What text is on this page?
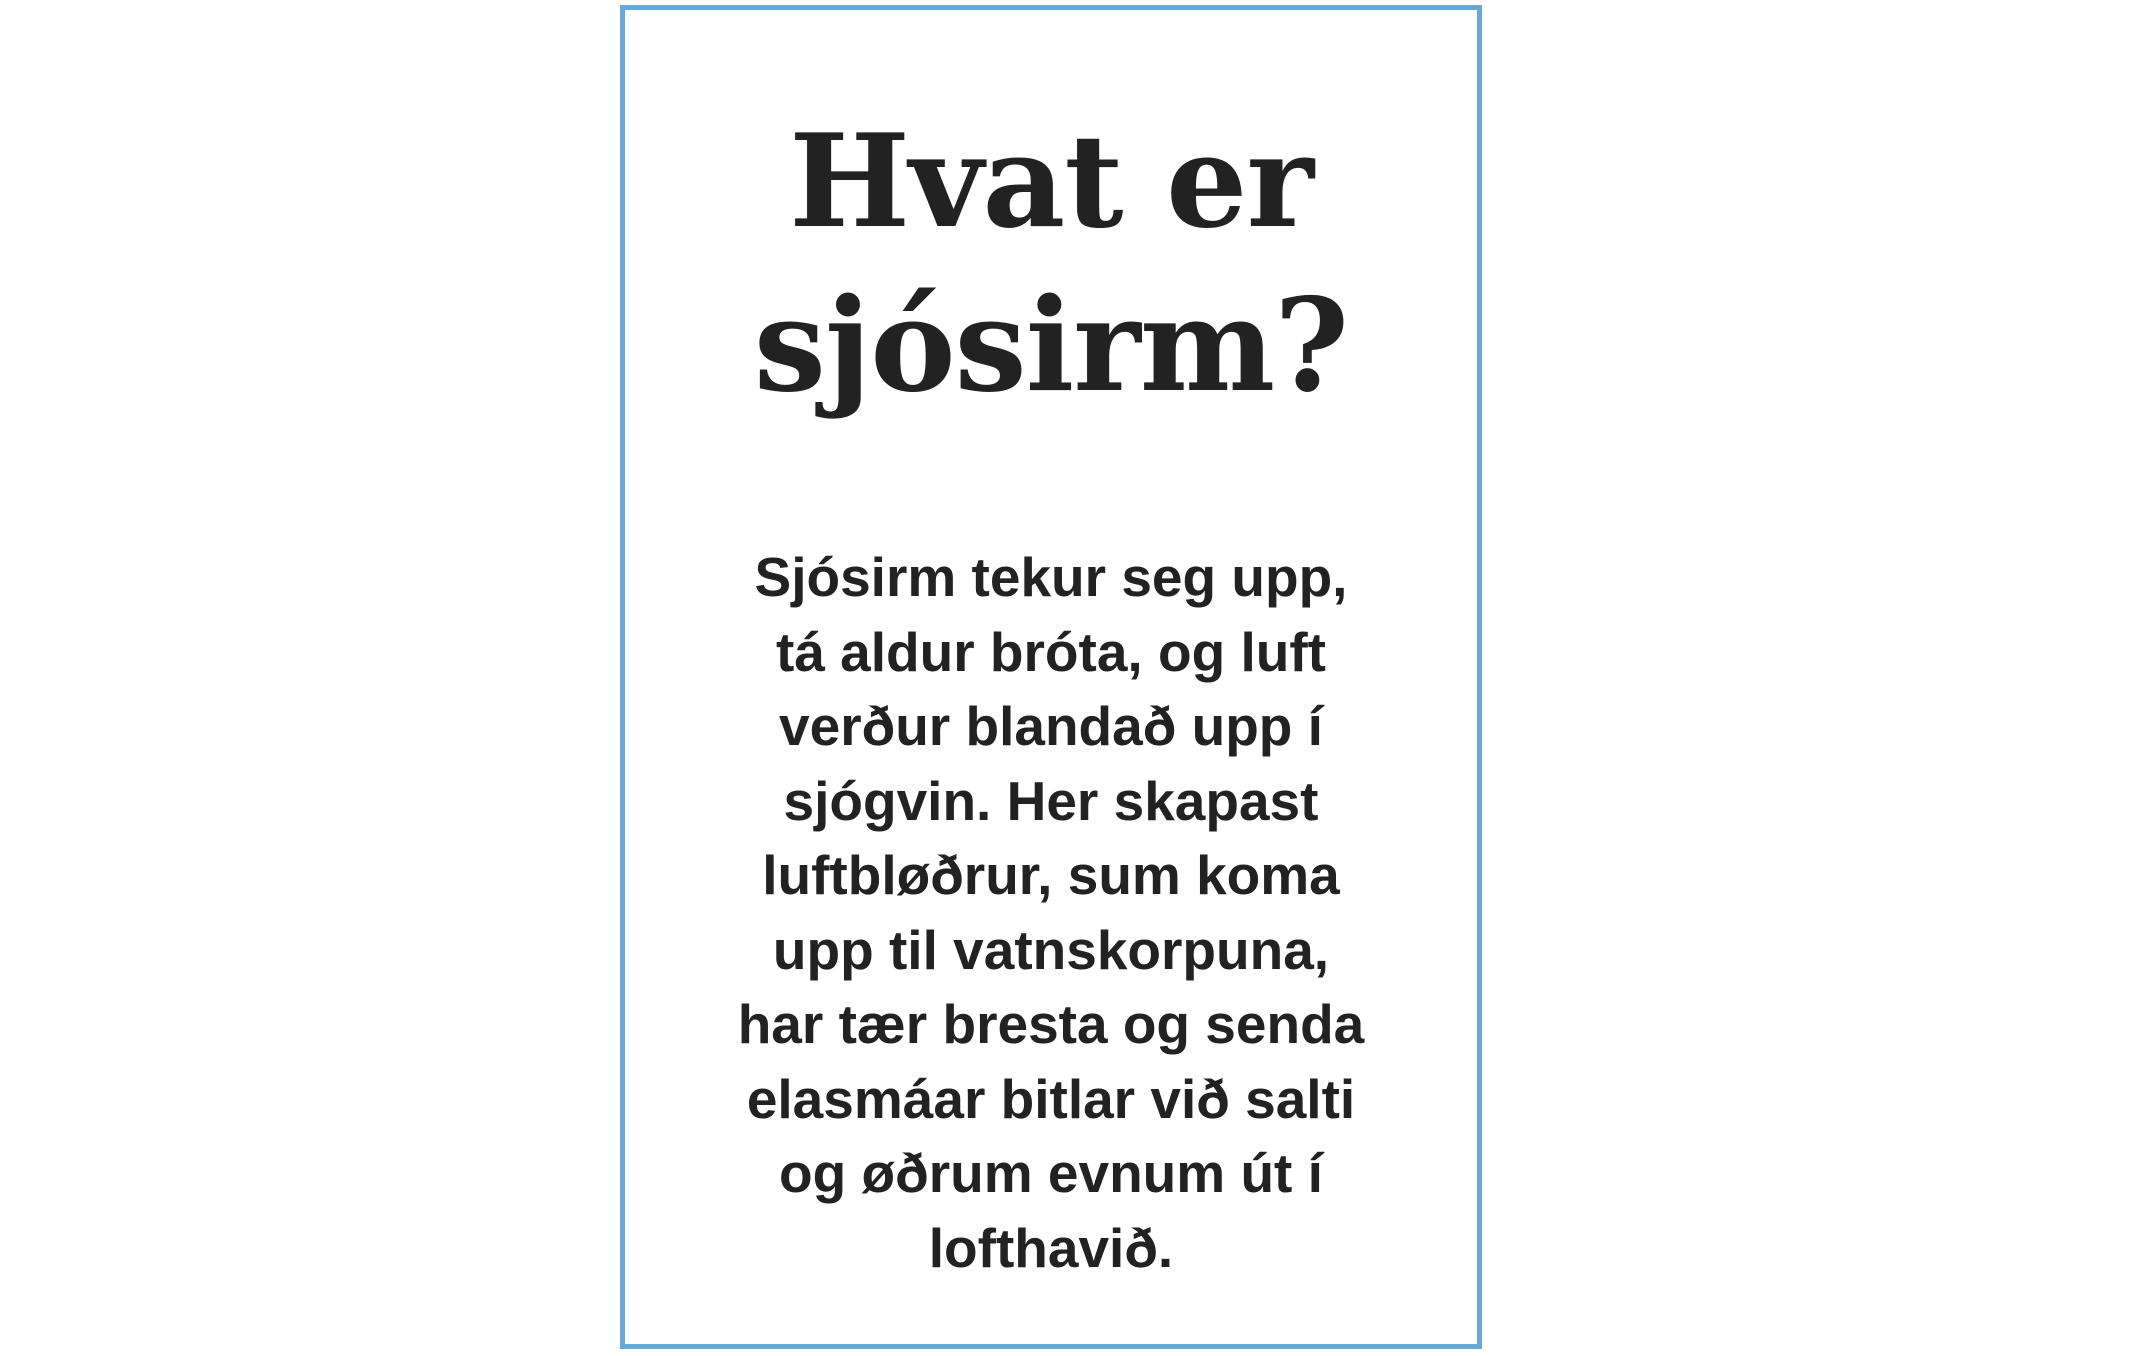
Hvat er
sjósirm?

Sjósirm tekur seg upp,
tá aldur bróta, og luft
verður blandað upp í
sjógvin. Her skapast
luftbløðrur, sum koma
upp til vatnskorpuna,
har tær bresta og senda
elasmáar bitlar við salti
og øðrum evnum út í
lofthavið.
